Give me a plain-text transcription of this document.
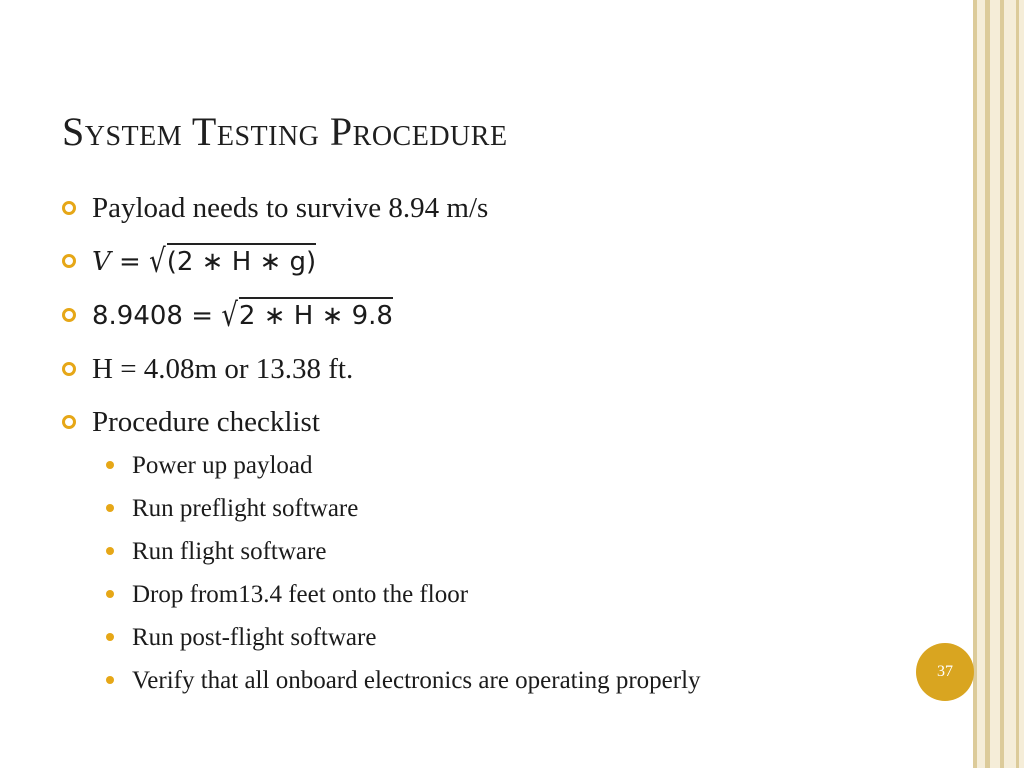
System Testing Procedure
Payload needs to survive 8.94 m/s
V = √(2 ∗ H ∗ g)
8.9408 = √2 ∗ H ∗ 9.8
H = 4.08m or 13.38 ft.
Procedure checklist
Power up payload
Run preflight software
Run flight software
Drop from13.4 feet onto the floor
Run post-flight software
Verify that all onboard electronics are operating properly	37
